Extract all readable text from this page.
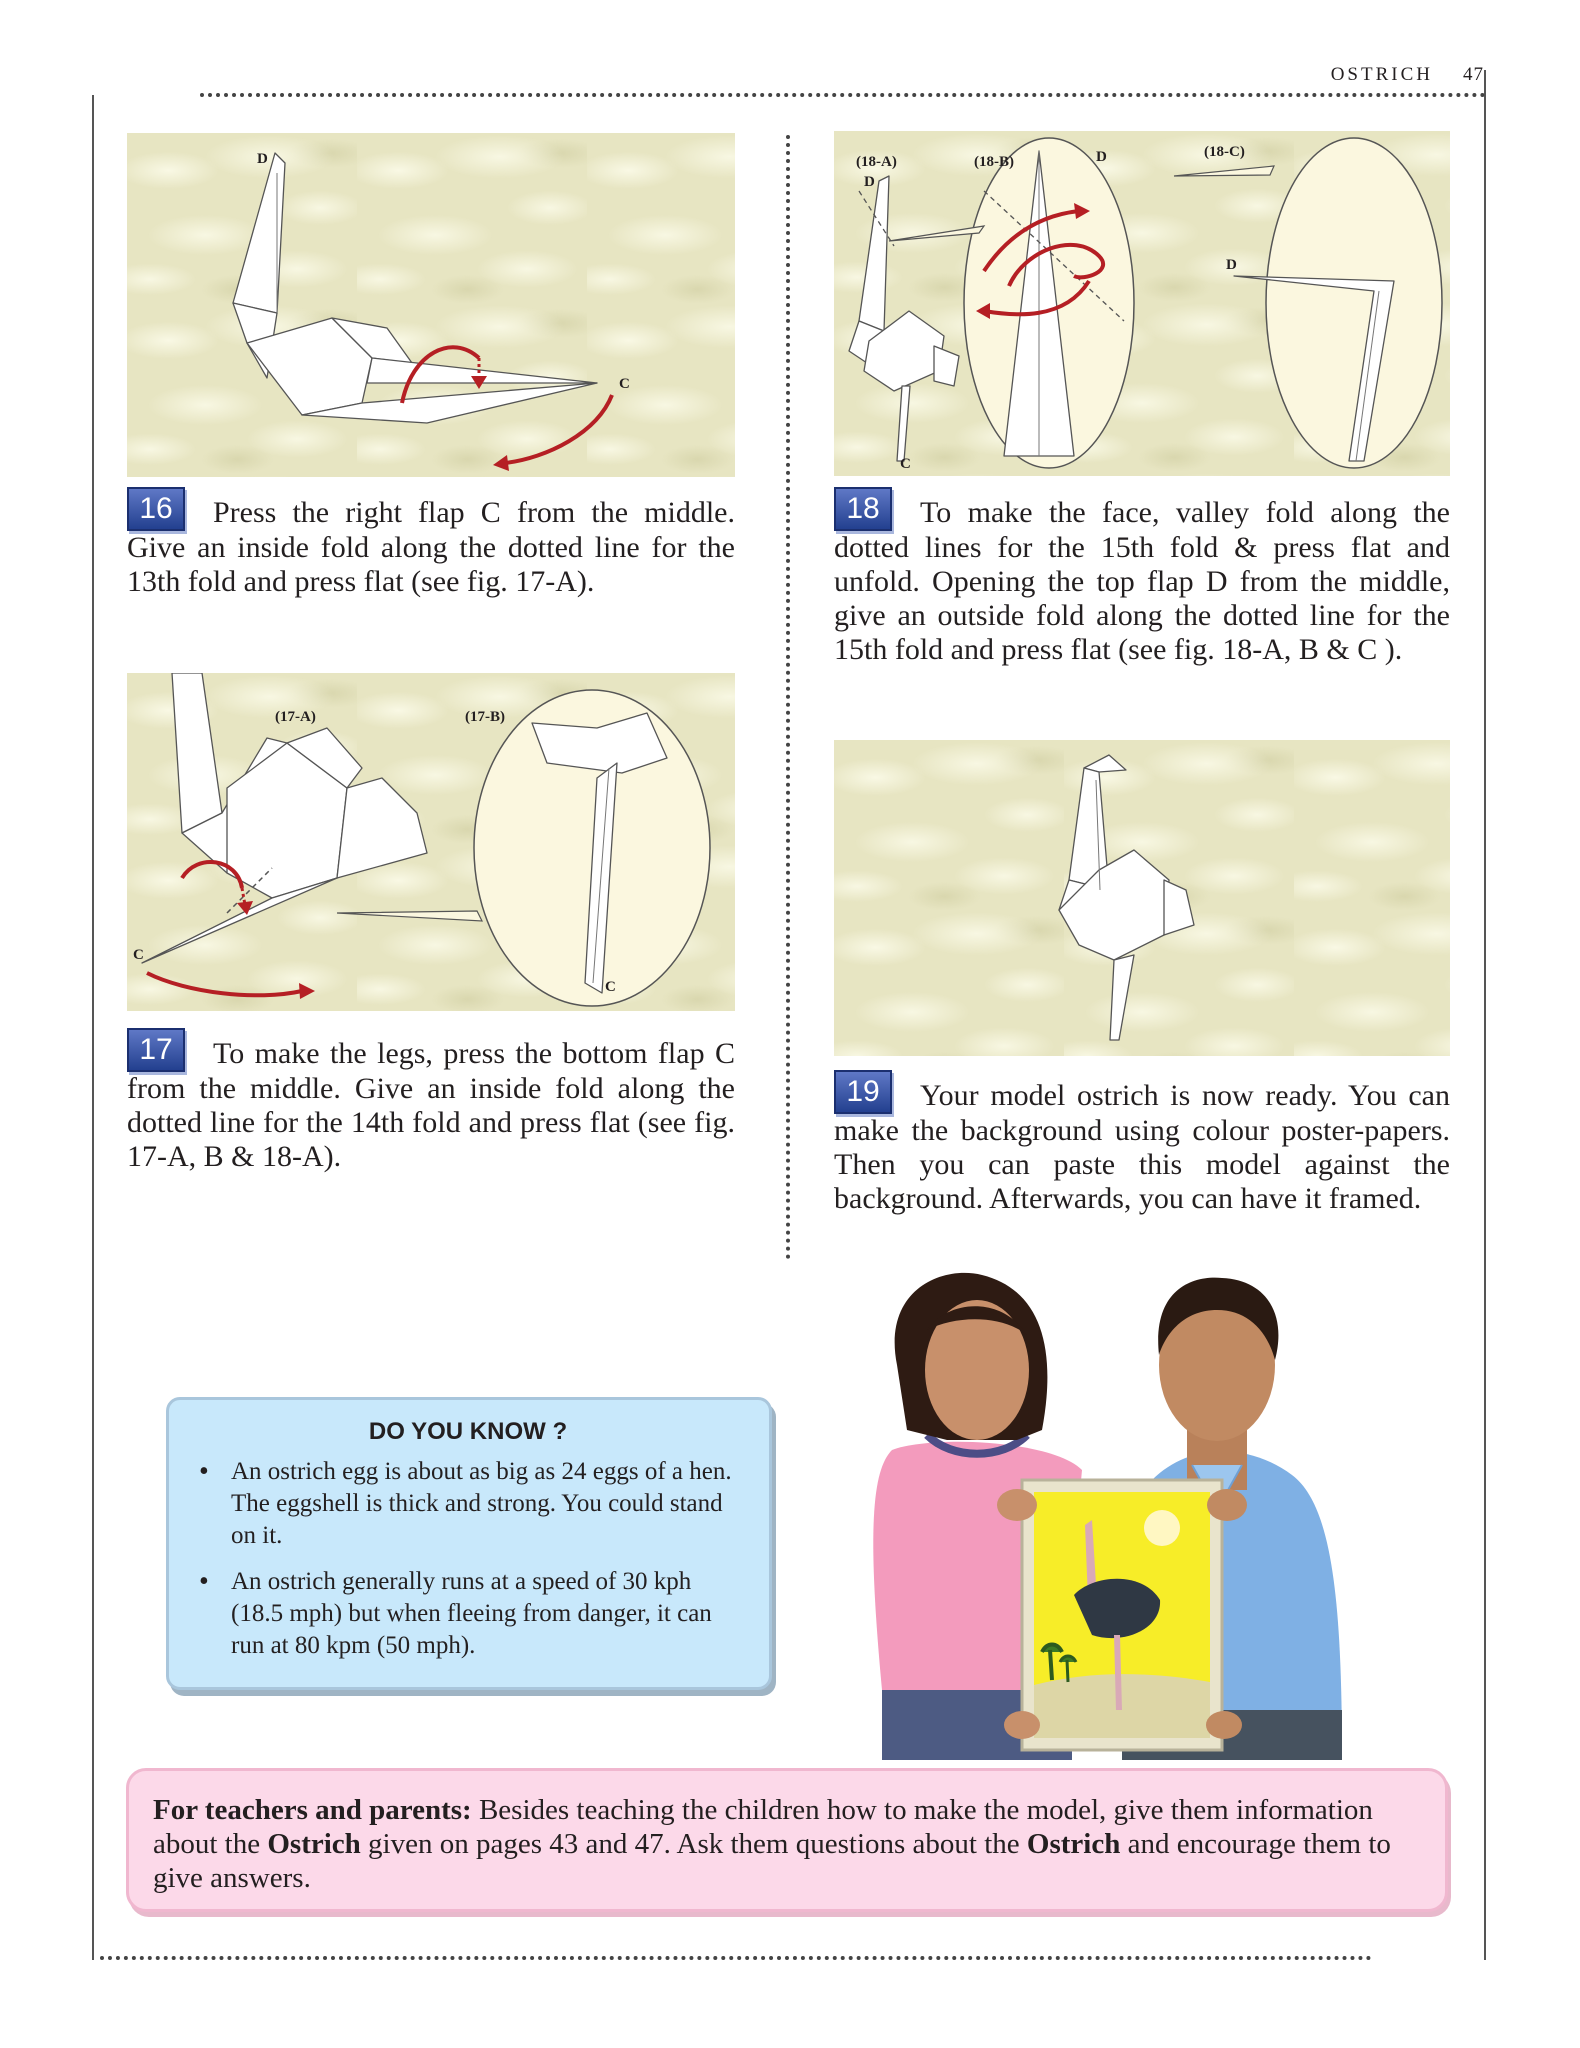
OSTRICH 47
D
C
16 Press the right flap C from the middle. Give an inside fold along the dotted line for the 13th fold and press flat (see fig. 17-A).
(17-A)	(17-B)
C
C
17 To make the legs, press the bottom flap C from the middle. Give an inside fold along the dotted line for the 14th fold and press flat (see fig. 17-A, B & 18-A).
(18-A)	(18-B)
(18-C)
D
D
D
C
18 To make the face, valley fold along the dotted lines for the 15th fold & press flat and unfold. Opening the top flap D from the middle, give an outside fold along the dotted line for the 15th fold and press flat (see fig. 18-A, B & C ).
19 Your model ostrich is now ready. You can make the background using colour poster-papers. Then you can paste this model against the background. Afterwards, you can have it framed.
DO YOU KNOW ?
• An ostrich egg is about as big as 24 eggs of a hen. The eggshell is thick and strong. You could stand on it.
• An ostrich generally runs at a speed of 30 kph (18.5 mph) but when fleeing from danger, it can run at 80 kpm (50 mph).
For teachers and parents: Besides teaching the children how to make the model, give them information about the Ostrich given on pages 43 and 47. Ask them questions about the Ostrich and encourage them to give answers.
